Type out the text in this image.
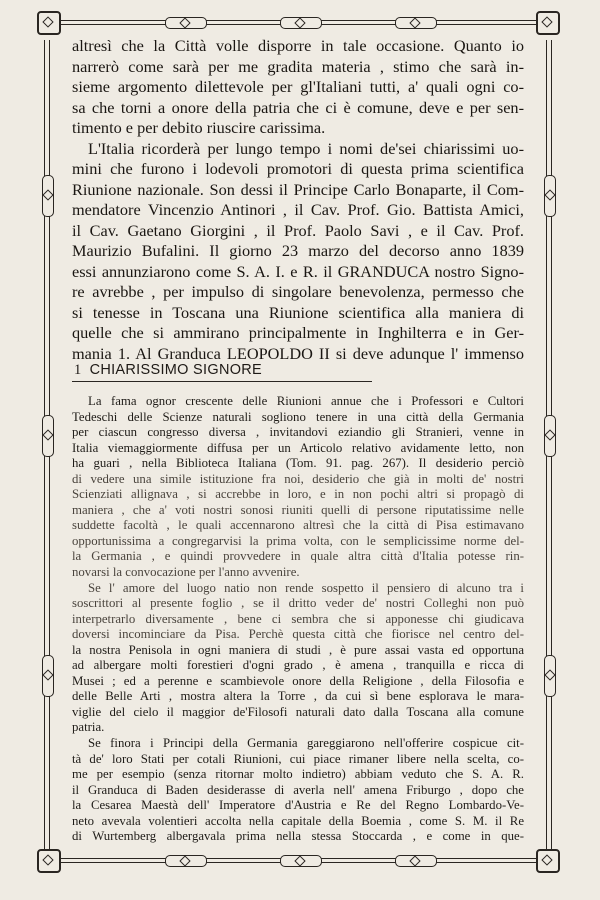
altresì che la Città volle disporre in tale occasione. Quanto io
narrerò come sarà per me gradita materia , stimo che sarà in-
sieme argomento dilettevole per gl'Italiani tutti, a' quali ogni co-
sa che torni a onore della patria che ci è comune, deve e per sen-
timento e per debito riuscire carissima.

L'Italia ricorderà per lungo tempo i nomi de'sei chiarissimi uo-
mini che furono i lodevoli promotori di questa prima scientifica
Riunione nazionale. Son dessi il Principe Carlo Bonaparte, il Com-
mendatore Vincenzio Antinori , il Cav. Prof. Gio. Battista Amici,
il Cav. Gaetano Giorgini , il Prof. Paolo Savi , e il Cav. Prof.
Maurizio Bufalini. Il giorno 23 marzo del decorso anno 1839
essi annunziarono come S. A. I. e R. il GRANDUCA nostro Signo-
re avrebbe , per impulso di singolare benevolenza, permesso che
si tenesse in Toscana una Riunione scientifica alla maniera di
quelle che si ammirano principalmente in Inghilterra e in Ger-
mania 1. Al Granduca LEOPOLDO II si deve adunque l' immenso

1 CHIARISSIMO SIGNORE
La fama ognor crescente delle Riunioni annue che i Professori e Cultori
Tedeschi delle Scienze naturali sogliono tenere in una città della Germania
per ciascun congresso diversa , invitandovi eziandio gli Stranieri, venne in
Italia viemaggiormente diffusa per un Articolo relativo avidamente letto, non
ha guari , nella Biblioteca Italiana (Tom. 91. pag. 267). Il desiderio perciò
di vedere una simile istituzione fra noi, desiderio che già in molti de' nostri
Scienziati allignava , si accrebbe in loro, e in non pochi altri si propagò di
maniera , che a' voti nostri sonosi riuniti quelli di persone riputatissime nelle
suddette facoltà , le quali accennarono altresì che la città di Pisa estimavano
opportunissima a congregarvisi la prima volta, con le semplicissime norme del-
la Germania , e quindi provvedere in quale altra città d'Italia potesse rin-
novarsi la convocazione per l'anno avvenire.
Se l' amore del luogo natio non rende sospetto il pensiero di alcuno tra i
soscrittori al presente foglio , se il dritto veder de' nostri Colleghi non può
interpetrarlo diversamente , bene ci sembra che si apponesse chi giudicava
doversi incominciare da Pisa. Perchè questa città che fiorisce nel centro del-
la nostra Penisola in ogni maniera di studi , è pure assai vasta ed opportuna
ad albergare molti forestieri d'ogni grado , è amena , tranquilla e ricca di
Musei ; ed a perenne e scambievole onore della Religione , della Filosofia e
delle Belle Arti , mostra altera la Torre , da cui sì bene esplorava le mara-
viglie del cielo il maggior de'Filosofi naturali dato dalla Toscana alla comune
patria.
Se finora i Principi della Germania gareggiarono nell'offerire cospicue cit-
tà de' loro Stati per cotali Riunioni, cui piace rimaner libere nella scelta, co-
me per esempio (senza ritornar molto indietro) abbiam veduto che S. A. R.
il Granduca di Baden desiderasse di averla nell' amena Friburgo , dopo che
la Cesarea Maestà dell' Imperatore d'Austria e Re del Regno Lombardo-Ve-
neto avevala volentieri accolta nella capitale della Boemia , come S. M. il Re
di Wurtemberg albergavala prima nella stessa Stoccarda , e come in que-
